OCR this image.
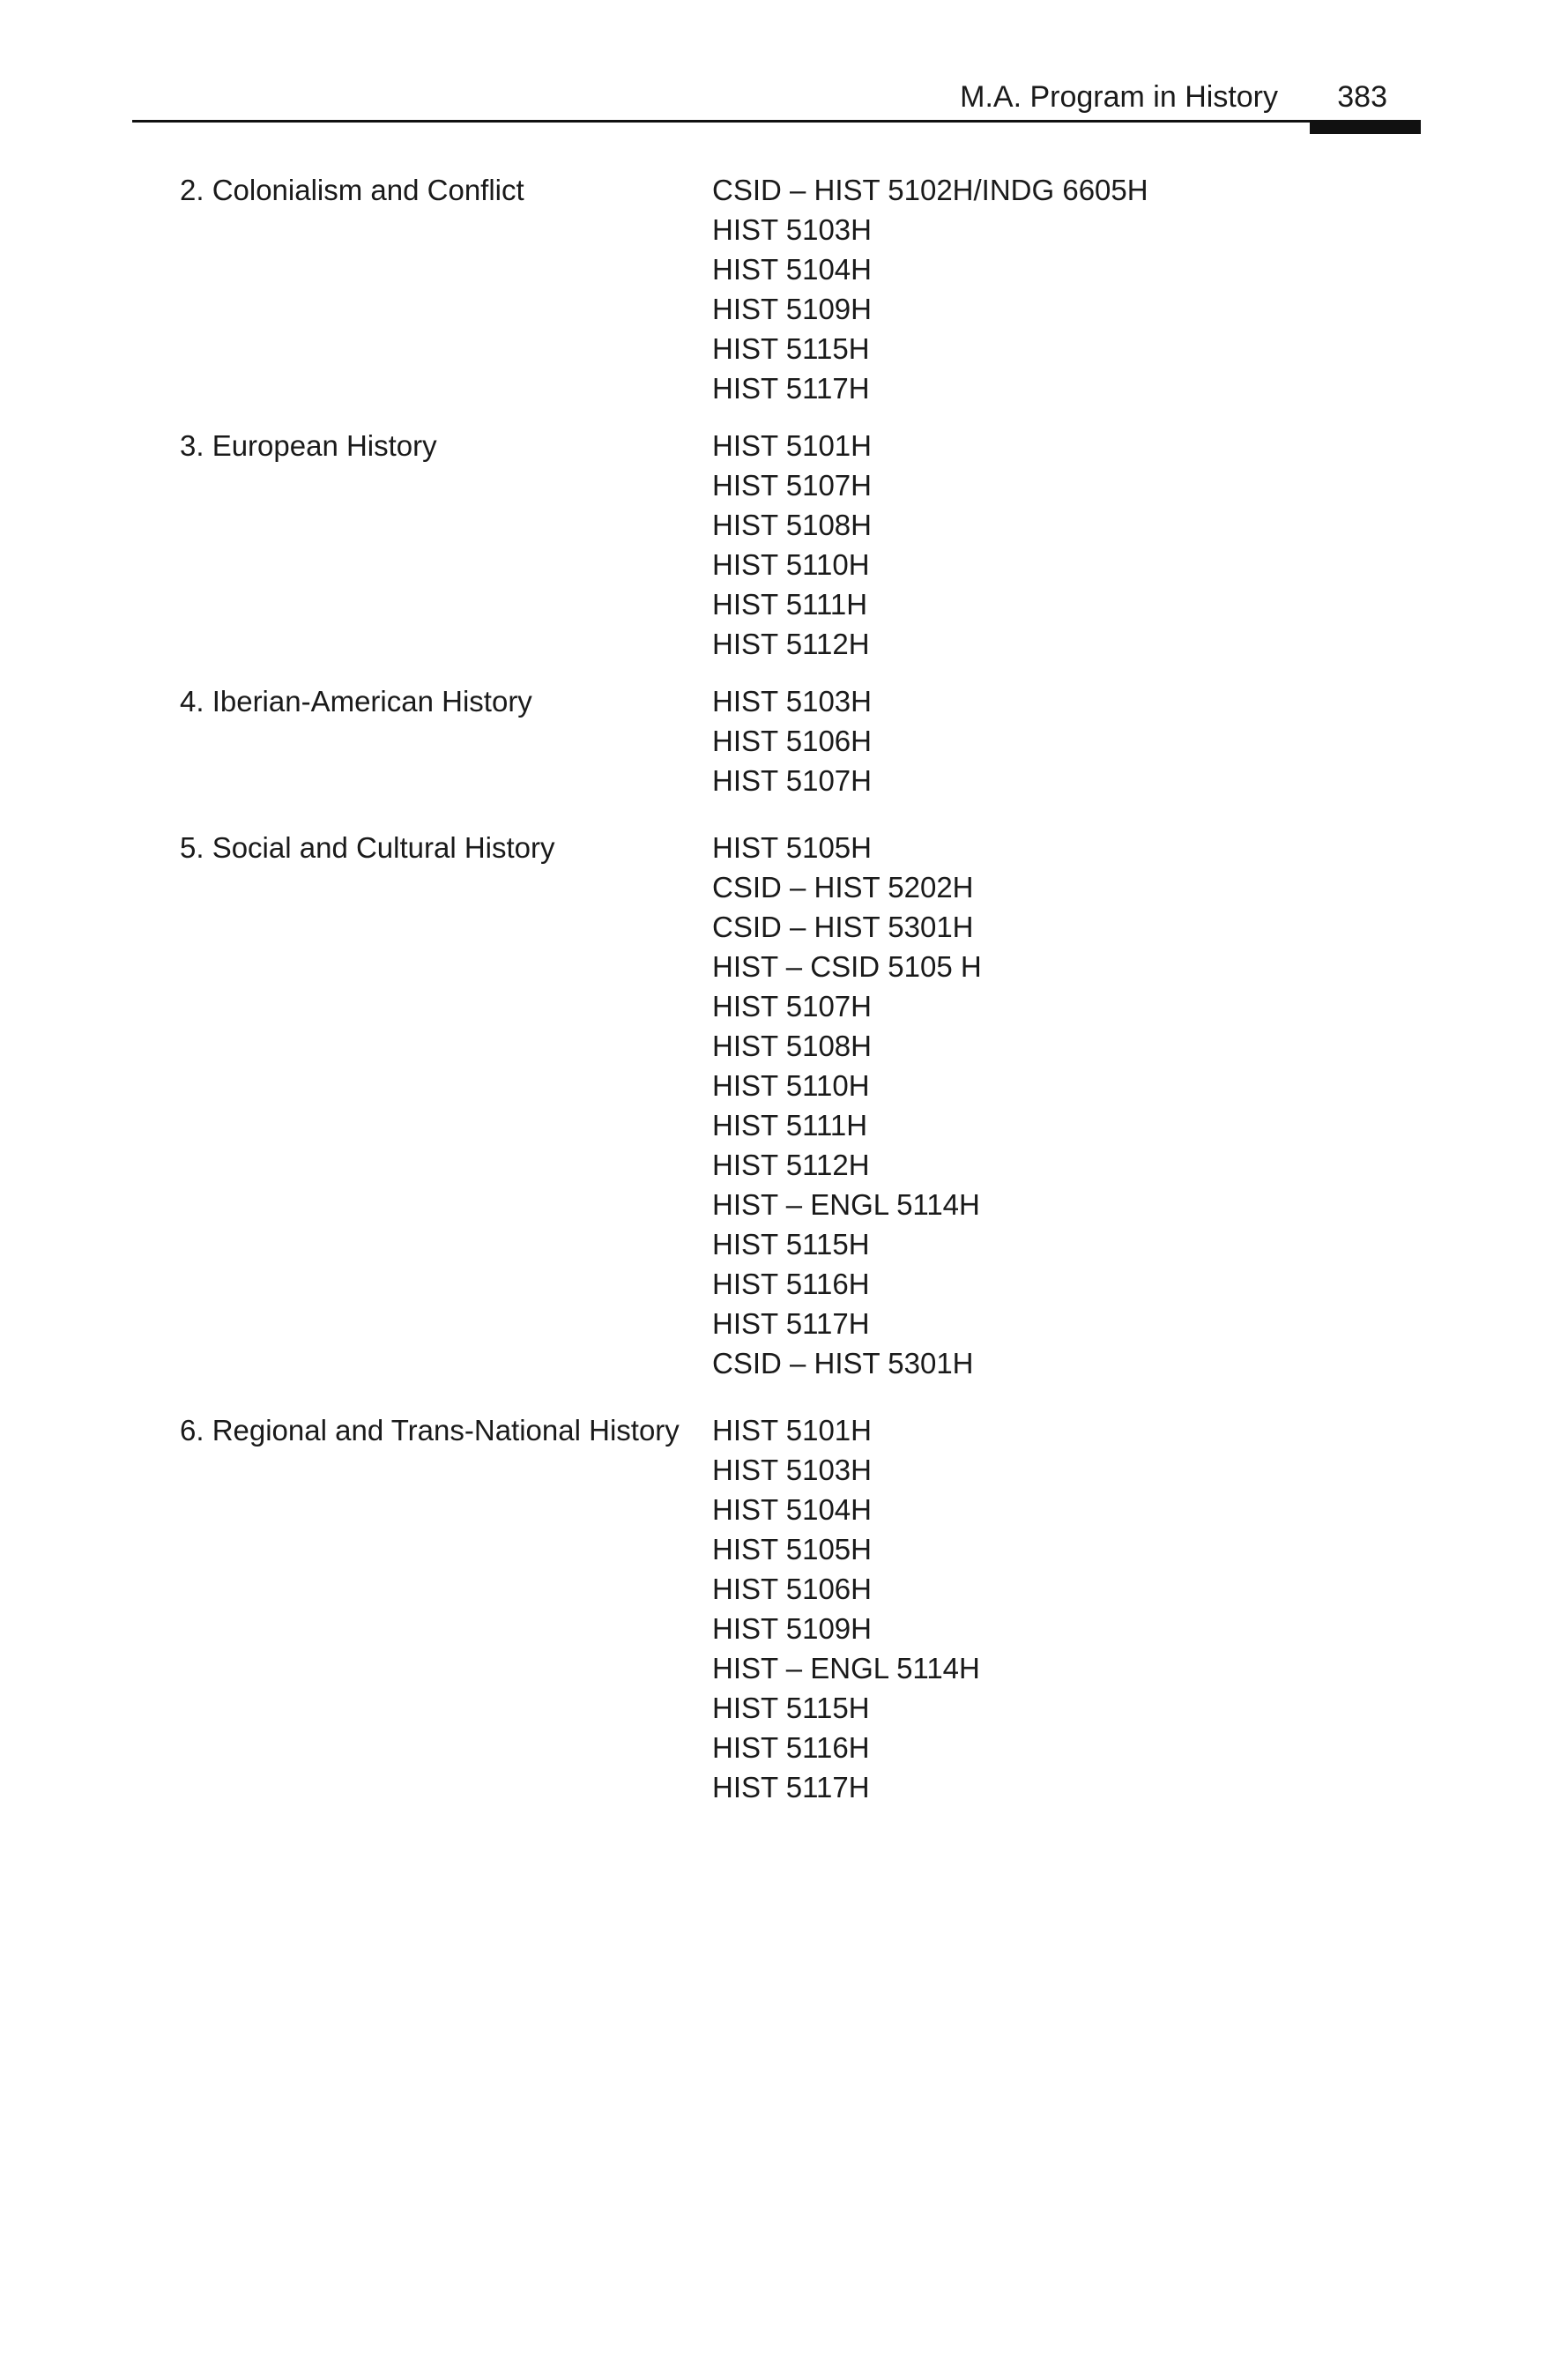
M.A. Program in History 383
2. Colonialism and Conflict	CSID – HIST 5102H/INDG 6605H
HIST 5103H
HIST 5104H
HIST 5109H
HIST 5115H
HIST 5117H
3. European History	HIST 5101H
HIST 5107H
HIST 5108H
HIST 5110H
HIST 5111H
HIST 5112H
4. Iberian-American History	HIST 5103H
HIST 5106H
HIST 5107H
5. Social and Cultural History	HIST 5105H
CSID – HIST 5202H
CSID – HIST 5301H
HIST – CSID 5105 H
HIST 5107H
HIST 5108H
HIST 5110H
HIST 5111H
HIST 5112H
HIST – ENGL 5114H
HIST 5115H
HIST 5116H
HIST 5117H
CSID – HIST 5301H
6. Regional and Trans-National History	HIST 5101H
HIST 5103H
HIST 5104H
HIST 5105H
HIST 5106H
HIST 5109H
HIST – ENGL 5114H
HIST 5115H
HIST 5116H
HIST 5117H
